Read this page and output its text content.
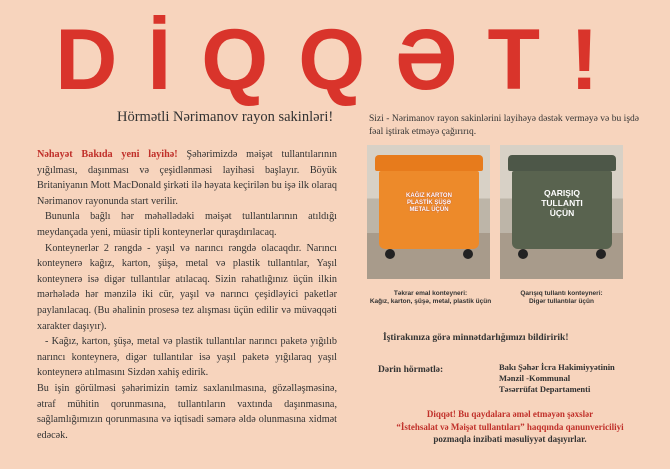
DİQQƏT!
Hörmətli Nərimanov rayon sakinləri!

Nəhayət Bakıda yeni layihə! Şəhərimizdə məişət tullantılarının yığılması, daşınması və çeşidlənməsi layihəsi başlayır. Böyük Britaniyanın Mott MacDonald şirkəti ilə həyata keçirilən bu işə ilk olaraq Nərimanov rayonunda start verilir.

Bununla bağlı hər məhəllədəki məişət tullantılarının atıldığı meydançada yeni, müasir tipli konteynerlər quraşdırılacaq.

Konteynerlər 2 rəngdə - yaşıl və narıncı rəngdə olacaqdır. Narıncı konteynerə kağız, karton, şüşə, metal və plastik tullantılar, Yaşıl konteynerə isə digər tullantılar atılacaq. Sizin rahatlığınız üçün ilkin mərhələdə hər mənzilə iki cür, yaşıl və narıncı çeşidləyici paketlər paylanılacaq. (Bu əhalinin prosesə tez alışması üçün edilir və müvəqqəti xarakter daşıyır).

- Kağız, karton, şüşə, metal və plastik tullantılar narıncı paketə yığılıb narıncı konteynerə, digər tullantılar isə yaşıl paketə yığılaraq yaşıl konteynerə atılmasını Sizdən xahiş edirik.

Bu işin görülməsi şəhərimizin təmiz saxlanılmasına, gözəlləşməsinə, ətraf mühitin qorunmasına, tullantıların vaxtında daşınmasına, sağlamlığımızın qorunmasına və iqtisadi səmərə əldə olunmasına xidmət edəcək.

Sizi - Nərimanov rayon sakinlərini layihəyə dəstək verməyə və bu işdə fəal iştirak etməyə çağırırıq.
KAĞIZ KARTON PLASTİK ŞÜŞƏ METAL ÜÇÜN
QARIŞIQ TULLANTI ÜÇÜN
Təkrar emal konteyneri:
Kağız, karton, şüşə, metal, plastik üçün
Qarışıq tullantı konteyneri:
Digər tullantılar üçün
İştirakınıza görə minnətdarlığımızı bildiririk!
Dərin hörmətlə:	Bakı Şəhər İcra Hakimiyyətinin
Mənzil -Kommunal
Təsərrüfat Departamenti
Diqqət! Bu qaydalara əməl etməyən şəxslər
“İstehsalat və Məişət tullantıları” haqqında qanunvericiliyi
pozmaqla inzibati məsuliyyət daşıyırlar.
